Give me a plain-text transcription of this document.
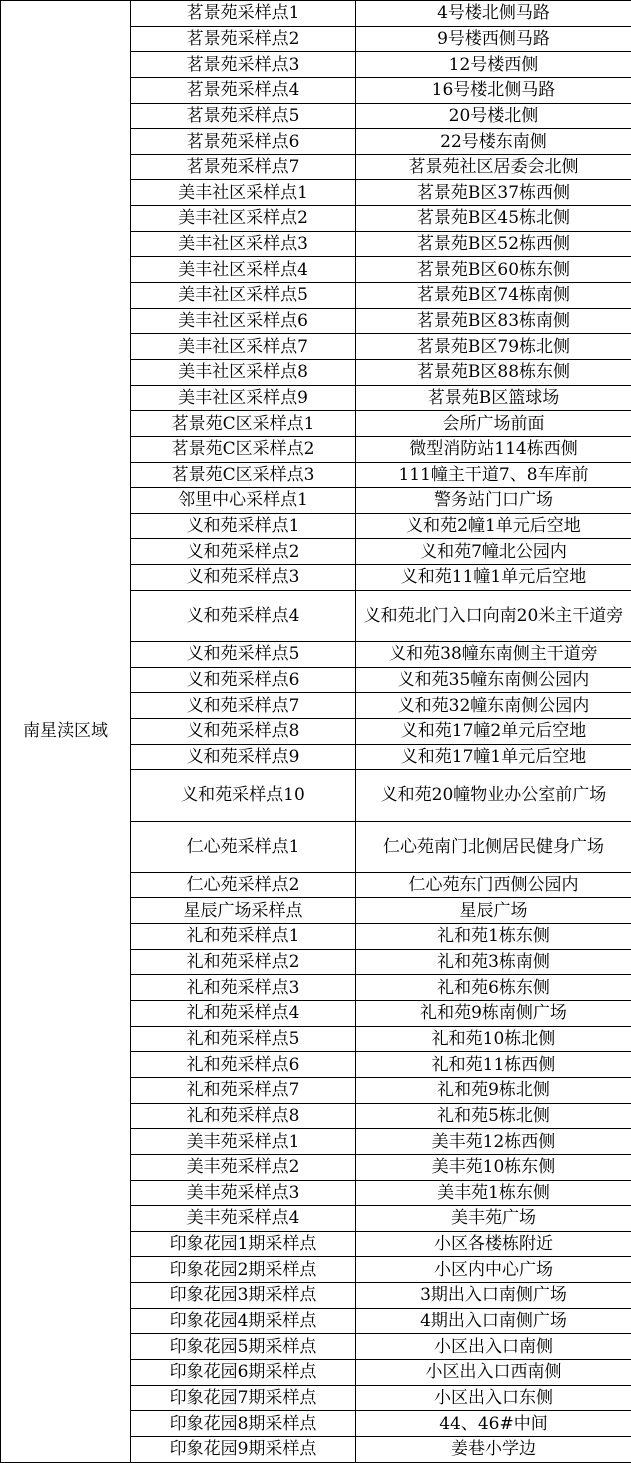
南星渎区域	茗景苑采样点1	4号楼北侧马路
	茗景苑采样点2	9号楼西侧马路
	茗景苑采样点3	12号楼西侧
	茗景苑采样点4	16号楼北侧马路
	茗景苑采样点5	20号楼北侧
	茗景苑采样点6	22号楼东南侧
	茗景苑采样点7	茗景苑社区居委会北侧
	美丰社区采样点1	茗景苑B区37栋西侧
	美丰社区采样点2	茗景苑B区45栋北侧
	美丰社区采样点3	茗景苑B区52栋西侧
	美丰社区采样点4	茗景苑B区60栋东侧
	美丰社区采样点5	茗景苑B区74栋南侧
	美丰社区采样点6	茗景苑B区83栋南侧
	美丰社区采样点7	茗景苑B区79栋北侧
	美丰社区采样点8	茗景苑B区88栋东侧
	美丰社区采样点9	茗景苑B区篮球场
	茗景苑C区采样点1	会所广场前面
	茗景苑C区采样点2	微型消防站114栋西侧
	茗景苑C区采样点3	111幢主干道7、8车库前
	邻里中心采样点1	警务站门口广场
	义和苑采样点1	义和苑2幢1单元后空地
	义和苑采样点2	义和苑7幢北公园内
	义和苑采样点3	义和苑11幢1单元后空地
	义和苑采样点4	义和苑北门入口向南20米主干道旁
	义和苑采样点5	义和苑38幢东南侧主干道旁
	义和苑采样点6	义和苑35幢东南侧公园内
	义和苑采样点7	义和苑32幢东南侧公园内
	义和苑采样点8	义和苑17幢2单元后空地
	义和苑采样点9	义和苑17幢1单元后空地
	义和苑采样点10	义和苑20幢物业办公室前广场
	仁心苑采样点1	仁心苑南门北侧居民健身广场
	仁心苑采样点2	仁心苑东门西侧公园内
	星辰广场采样点	星辰广场
	礼和苑采样点1	礼和苑1栋东侧
	礼和苑采样点2	礼和苑3栋南侧
	礼和苑采样点3	礼和苑6栋东侧
	礼和苑采样点4	礼和苑9栋南侧广场
	礼和苑采样点5	礼和苑10栋北侧
	礼和苑采样点6	礼和苑11栋西侧
	礼和苑采样点7	礼和苑9栋北侧
	礼和苑采样点8	礼和苑5栋北侧
	美丰苑采样点1	美丰苑12栋西侧
	美丰苑采样点2	美丰苑10栋东侧
	美丰苑采样点3	美丰苑1栋东侧
	美丰苑采样点4	美丰苑广场
	印象花园1期采样点	小区各楼栋附近
	印象花园2期采样点	小区内中心广场
	印象花园3期采样点	3期出入口南侧广场
	印象花园4期采样点	4期出入口南侧广场
	印象花园5期采样点	小区出入口南侧
	印象花园6期采样点	小区出入口西南侧
	印象花园7期采样点	小区出入口东侧
	印象花园8期采样点	44、46#中间
	印象花园9期采样点	姜巷小学边
